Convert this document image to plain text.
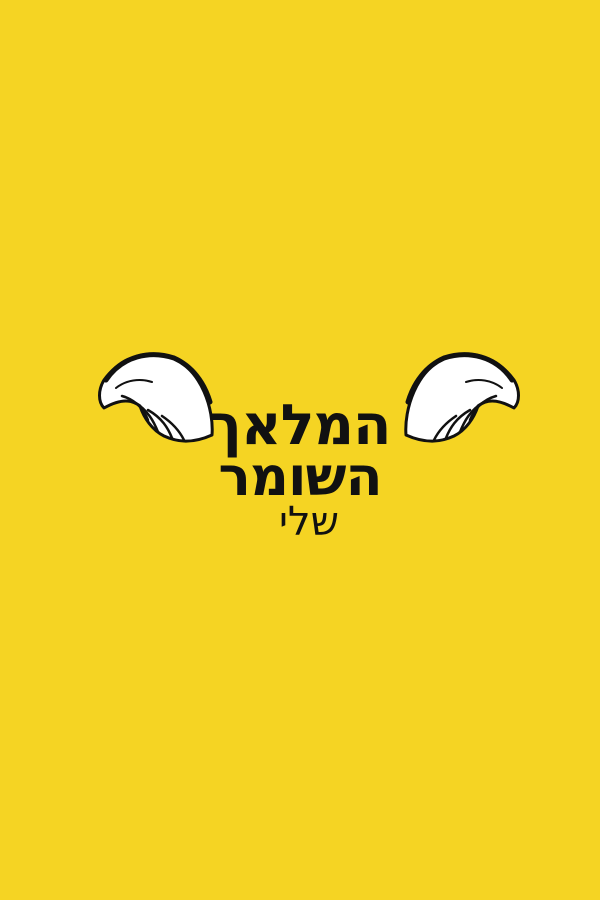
המלאך
השומר
שלי
